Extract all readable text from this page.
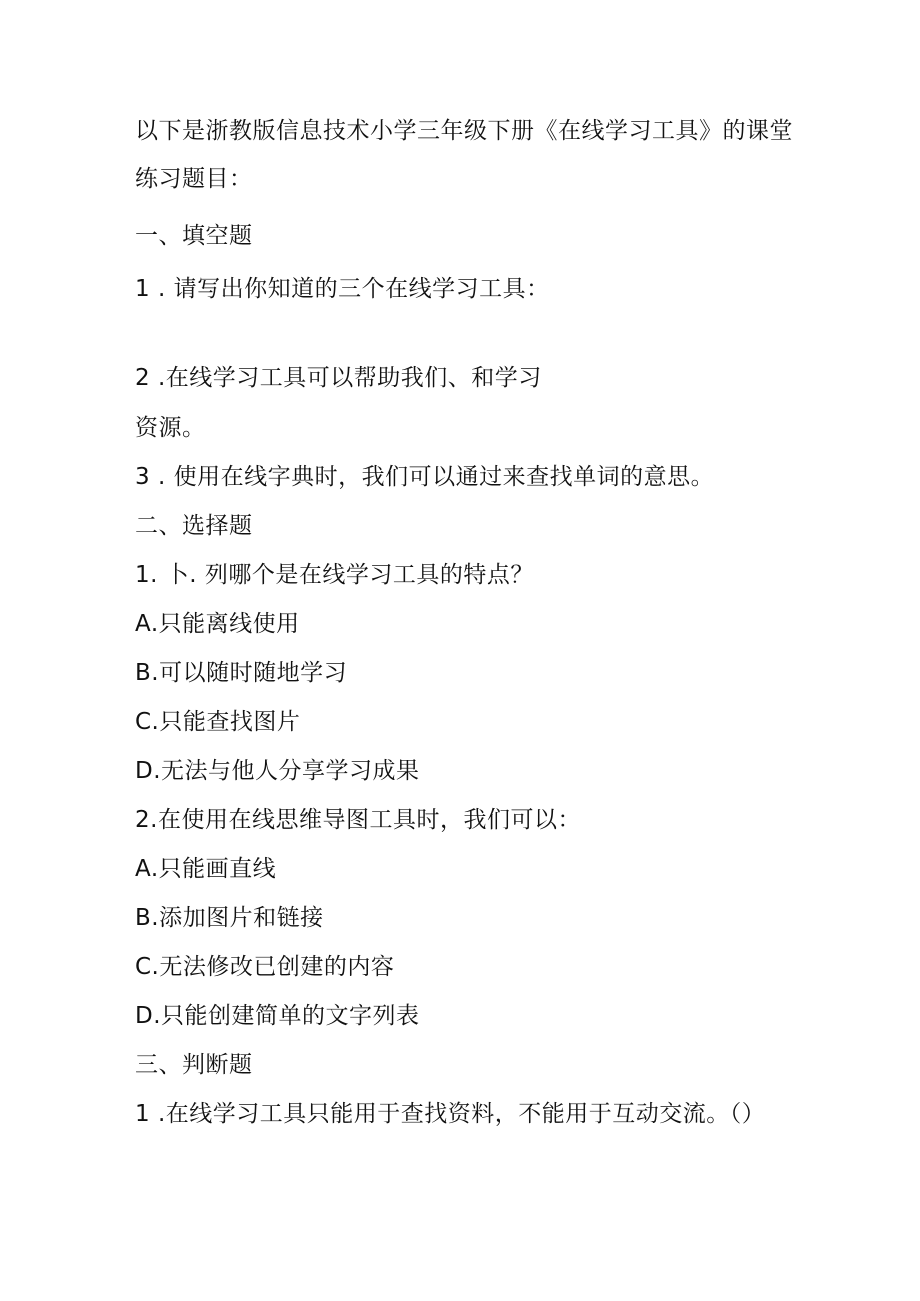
以下是浙教版信息技术小学三年级下册《在线学习工具》的课堂
练习题目：
一、填空题
1 . 请写出你知道的三个在线学习工具：
2 .在线学习工具可以帮助我们、和学习
资源。
3 . 使用在线字典时，我们可以通过来查找单词的意思。
二、选择题
1. 卜. 列哪个是在线学习工具的特点？
A.只能离线使用
B.可以随时随地学习
C.只能查找图片
D.无法与他人分享学习成果
2.在使用在线思维导图工具时，我们可以：
A.只能画直线
B.添加图片和链接
C.无法修改已创建的内容
D.只能创建简单的文字列表
三、判断题
1 .在线学习工具只能用于查找资料，不能用于互动交流。（）
